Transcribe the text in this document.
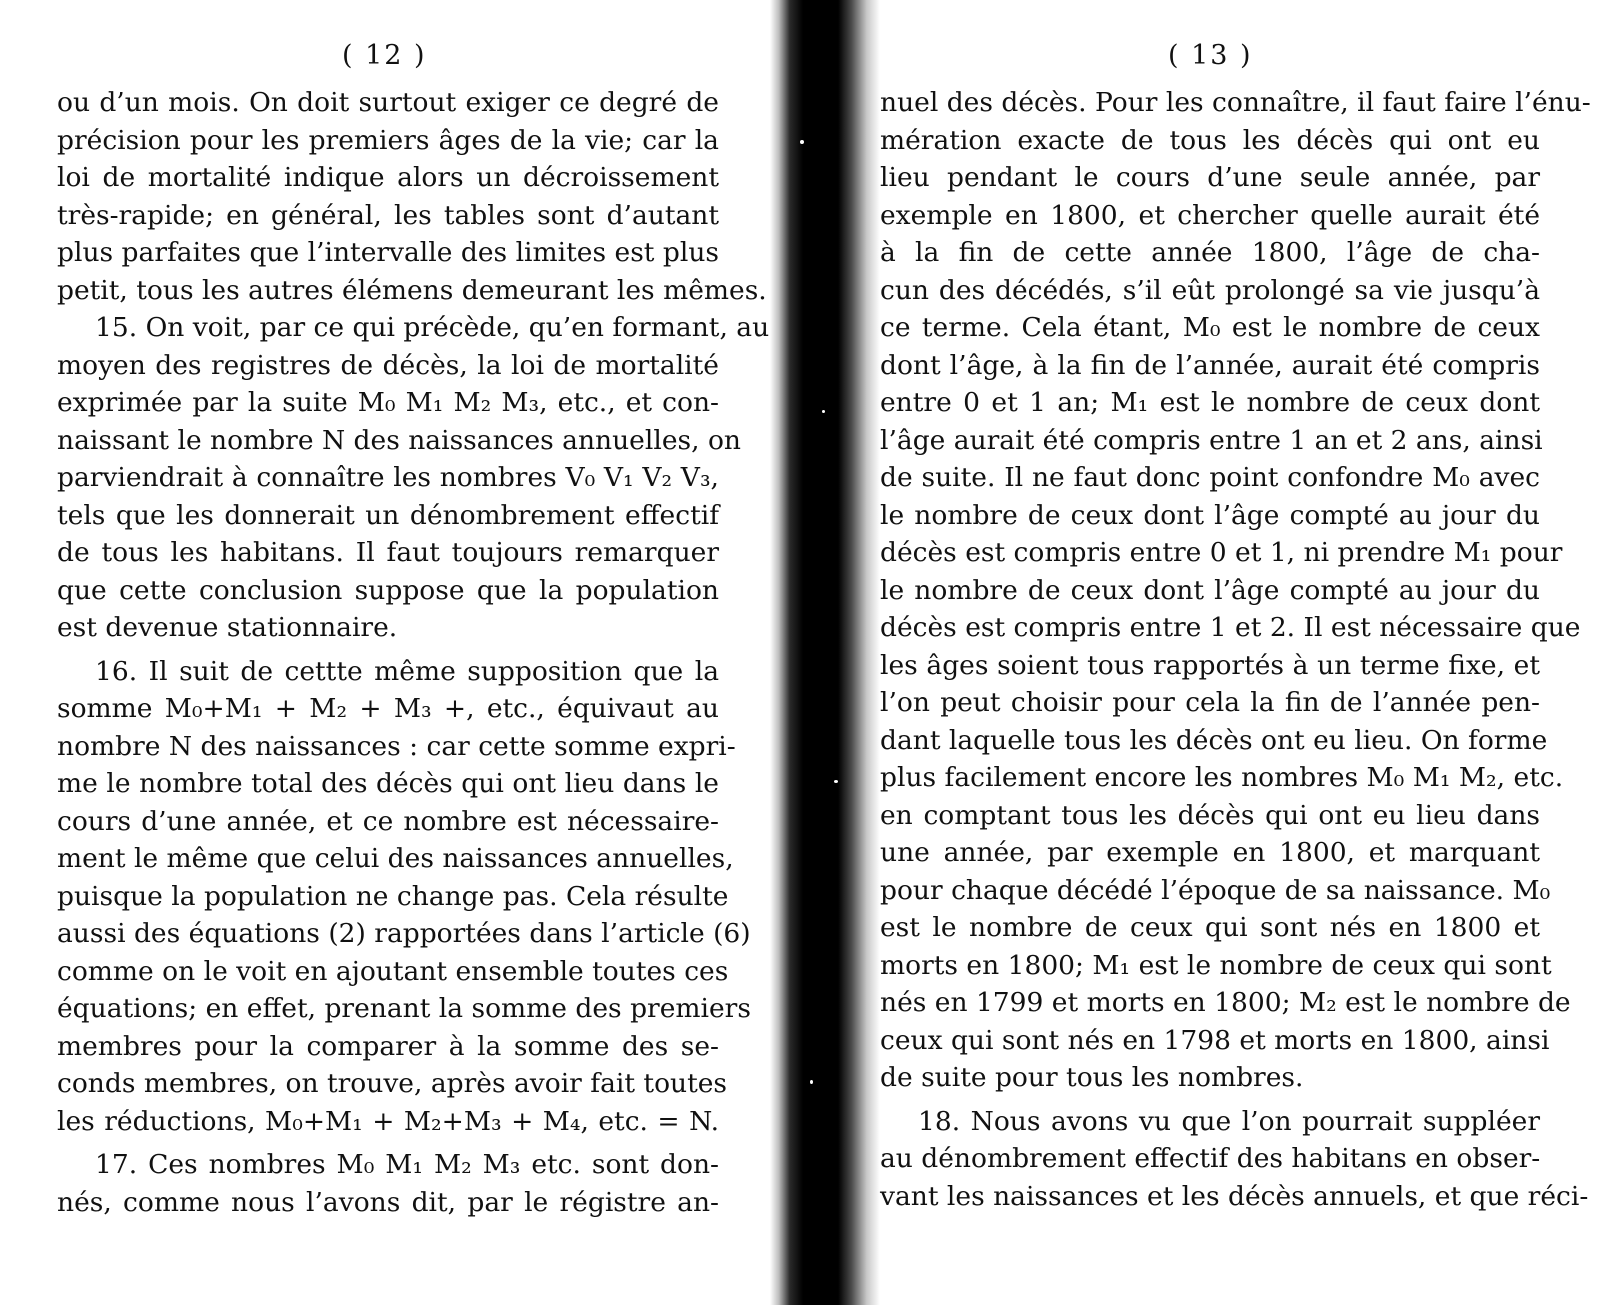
( 12 )
ou d’un mois. On doit surtout exiger ce degré de
précision pour les premiers âges de la vie; car la
loi de mortalité indique alors un décroissement
très-rapide; en général, les tables sont d’autant
plus parfaites que l’intervalle des limites est plus
petit, tous les autres élémens demeurant les mêmes.
15. On voit, par ce qui précède, qu’en formant, au
moyen des registres de décès, la loi de mortalité
exprimée par la suite M₀ M₁ M₂ M₃, etc., et con-
naissant le nombre N des naissances annuelles, on
parviendrait à connaître les nombres V₀ V₁ V₂ V₃,
tels que les donnerait un dénombrement effectif
de tous les habitans. Il faut toujours remarquer
que cette conclusion suppose que la population
est devenue stationnaire.
16. Il suit de cettte même supposition que la
somme M₀+M₁ + M₂ + M₃ +, etc., équivaut au
nombre N des naissances : car cette somme expri-
me le nombre total des décès qui ont lieu dans le
cours d’une année, et ce nombre est nécessaire-
ment le même que celui des naissances annuelles,
puisque la population ne change pas. Cela résulte
aussi des équations (2) rapportées dans l’article (6)
comme on le voit en ajoutant ensemble toutes ces
équations; en effet, prenant la somme des premiers
membres pour la comparer à la somme des se-
conds membres, on trouve, après avoir fait toutes
les réductions, M₀+M₁ + M₂+M₃ + M₄, etc. = N.
17. Ces nombres M₀ M₁ M₂ M₃ etc. sont don-
nés, comme nous l’avons dit, par le régistre an-
( 13 )
nuel des décès. Pour les connaître, il faut faire l’énu-
mération exacte de tous les décès qui ont eu
lieu pendant le cours d’une seule année, par
exemple en 1800, et chercher quelle aurait été
à la fin de cette année 1800, l’âge de cha-
cun des décédés, s’il eût prolongé sa vie jusqu’à
ce terme. Cela étant, M₀ est le nombre de ceux
dont l’âge, à la fin de l’année, aurait été compris
entre 0 et 1 an; M₁ est le nombre de ceux dont
l’âge aurait été compris entre 1 an et 2 ans, ainsi
de suite. Il ne faut donc point confondre M₀ avec
le nombre de ceux dont l’âge compté au jour du
décès est compris entre 0 et 1, ni prendre M₁ pour
le nombre de ceux dont l’âge compté au jour du
décès est compris entre 1 et 2. Il est nécessaire que
les âges soient tous rapportés à un terme fixe, et
l’on peut choisir pour cela la fin de l’année pen-
dant laquelle tous les décès ont eu lieu. On forme
plus facilement encore les nombres M₀ M₁ M₂, etc.
en comptant tous les décès qui ont eu lieu dans
une année, par exemple en 1800, et marquant
pour chaque décédé l’époque de sa naissance. M₀
est le nombre de ceux qui sont nés en 1800 et
morts en 1800; M₁ est le nombre de ceux qui sont
nés en 1799 et morts en 1800; M₂ est le nombre de
ceux qui sont nés en 1798 et morts en 1800, ainsi
de suite pour tous les nombres.
18. Nous avons vu que l’on pourrait suppléer
au dénombrement effectif des habitans en obser-
vant les naissances et les décès annuels, et que réci-
